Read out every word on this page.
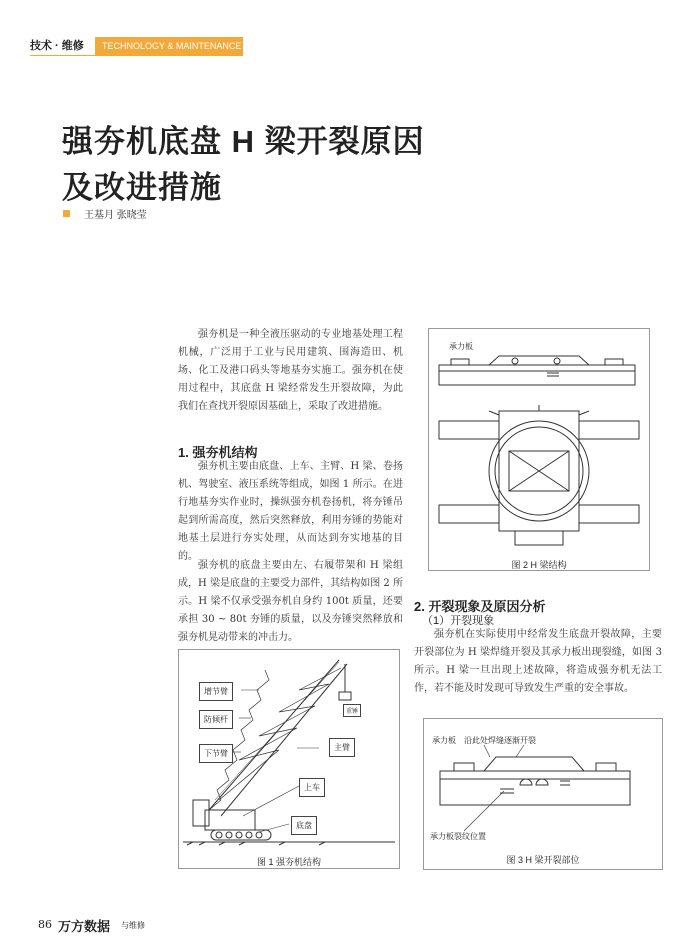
技术 · 维修	TECHNOLOGY & MAINTENANCE
强夯机底盘 H 梁开裂原因
及改进措施
王基月 张晓莹
强夯机是一种全液压驱动的专业地基处理工程机械，广泛用于工业与民用建筑、围海造田、机场、化工及港口码头等地基夯实施工。强夯机在使用过程中，其底盘 H 梁经常发生开裂故障，为此我们在查找开裂原因基础上，采取了改进措施。
1. 强夯机结构
强夯机主要由底盘、上车、主臂、H 梁、卷扬机、驾驶室、液压系统等组成，如图 1 所示。在进行地基夯实作业时，操纵强夯机卷扬机，将夯锤吊起到所需高度，然后突然释放，利用夯锤的势能对地基土层进行夯实处理，从而达到夯实地基的目的。
强夯机的底盘主要由左、右履带架和 H 梁组成，H 梁是底盘的主要受力部件，其结构如图 2 所示。H 梁不仅承受强夯机自身约 100t 质量，还要承担 30 ~ 80t 夯锤的质量，以及夯锤突然释放和强夯机晃动带来的冲击力。
承力板
图 2 H 梁结构
2. 开裂现象及原因分析
（1）开裂现象
强夯机在实际使用中经常发生底盘开裂故障，主要开裂部位为 H 梁焊缝开裂及其承力板出现裂缝，如图 3 所示。H 梁一旦出现上述故障，将造成强夯机无法工作，若不能及时发现可导致发生严重的安全事故。
增节臂
防倾杆
下节臂
重锤
主臂
上车
底盘
图 1 强夯机结构
承力板 沿此处焊缝逐渐开裂
承力板裂纹位置
图 3 H 梁开裂部位
86 万方数据 与维修
